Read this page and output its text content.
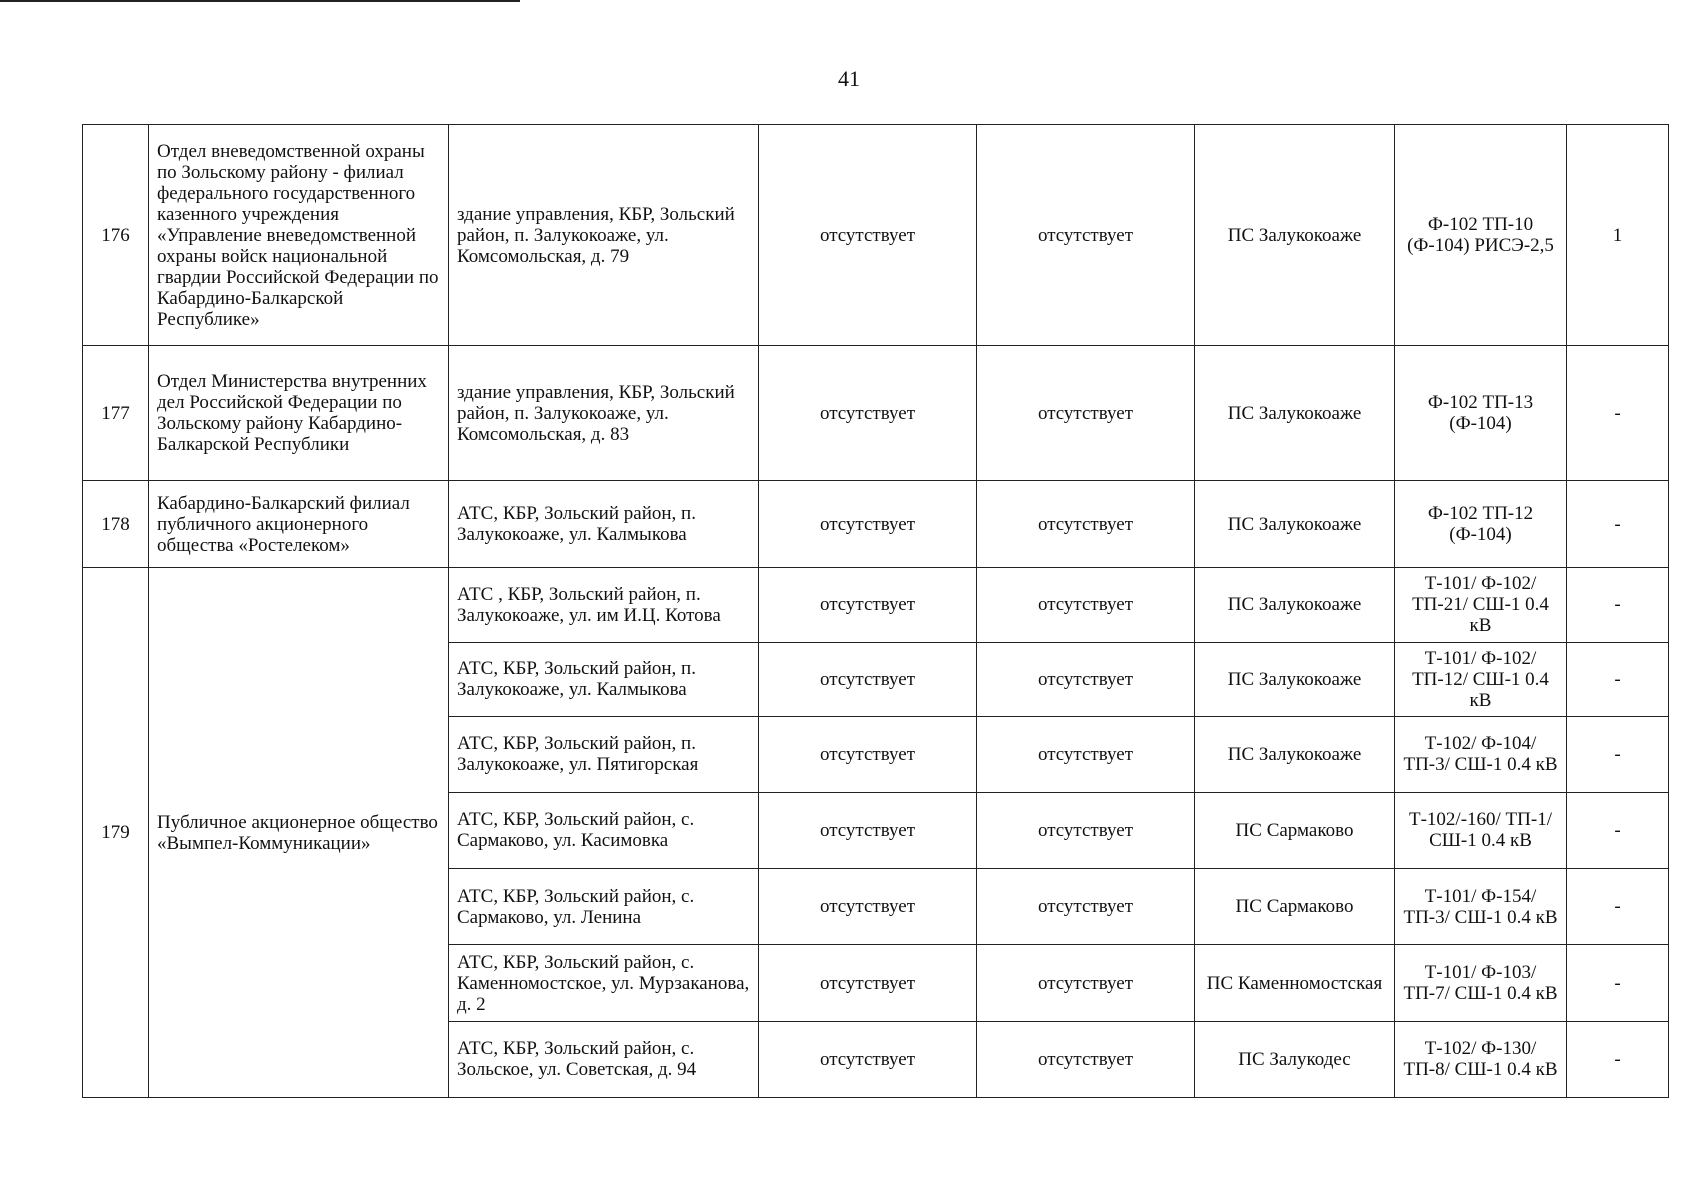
41
176	Отдел вневедомственной охраны по Зольскому району - филиал федерального государственного казенного учреждения «Управление вневедомственной охраны войск национальной гвардии Российской Федерации по Кабардино-Балкарской Республике»	здание управления, КБР, Зольский район, п. Залукокоаже, ул. Комсомольская, д. 79	отсутствует	отсутствует	ПС Залукокоаже	Ф-102 ТП-10 (Ф-104) РИСЭ-2,5	1
177	Отдел Министерства внутренних дел Российской Федерации по Зольскому району Кабардино-Балкарской Республики	здание управления, КБР, Зольский район, п. Залукокоаже, ул. Комсомольская, д. 83	отсутствует	отсутствует	ПС Залукокоаже	Ф-102 ТП-13 (Ф-104)	-
178	Кабардино-Балкарский филиал публичного акционерного общества «Ростелеком»	АТС, КБР, Зольский район, п. Залукокоаже, ул. Калмыкова	отсутствует	отсутствует	ПС Залукокоаже	Ф-102 ТП-12 (Ф-104)	-
179	Публичное акционерное общество «Вымпел-Коммуникации»	АТС , КБР, Зольский район, п. Залукокоаже, ул. им И.Ц. Котова	отсутствует	отсутствует	ПС Залукокоаже	Т-101/ Ф-102/ТП-21/ СШ-1 0.4 кВ	-
		АТС, КБР, Зольский район, п. Залукокоаже, ул. Калмыкова	отсутствует	отсутствует	ПС Залукокоаже	Т-101/ Ф-102/ТП-12/ СШ-1 0.4 кВ	-
		АТС, КБР, Зольский район, п. Залукокоаже, ул. Пятигорская	отсутствует	отсутствует	ПС Залукокоаже	Т-102/ Ф-104/ТП-3/ СШ-1 0.4 кВ	-
		АТС, КБР, Зольский район, с. Сармаково, ул. Касимовка	отсутствует	отсутствует	ПС Сармаково	Т-102/-160/ ТП-1/СШ-1 0.4 кВ	-
		АТС, КБР, Зольский район, с. Сармаково, ул. Ленина	отсутствует	отсутствует	ПС Сармаково	Т-101/ Ф-154/ТП-3/ СШ-1 0.4 кВ	-
		АТС, КБР, Зольский район, с. Каменномостское, ул. Мурзаканова, д. 2	отсутствует	отсутствует	ПС Каменномостская	Т-101/ Ф-103/ТП-7/ СШ-1 0.4 кВ	-
		АТС, КБР, Зольский район, с. Зольское, ул. Советская, д. 94	отсутствует	отсутствует	ПС Залукодес	Т-102/ Ф-130/ТП-8/ СШ-1 0.4 кВ	-
